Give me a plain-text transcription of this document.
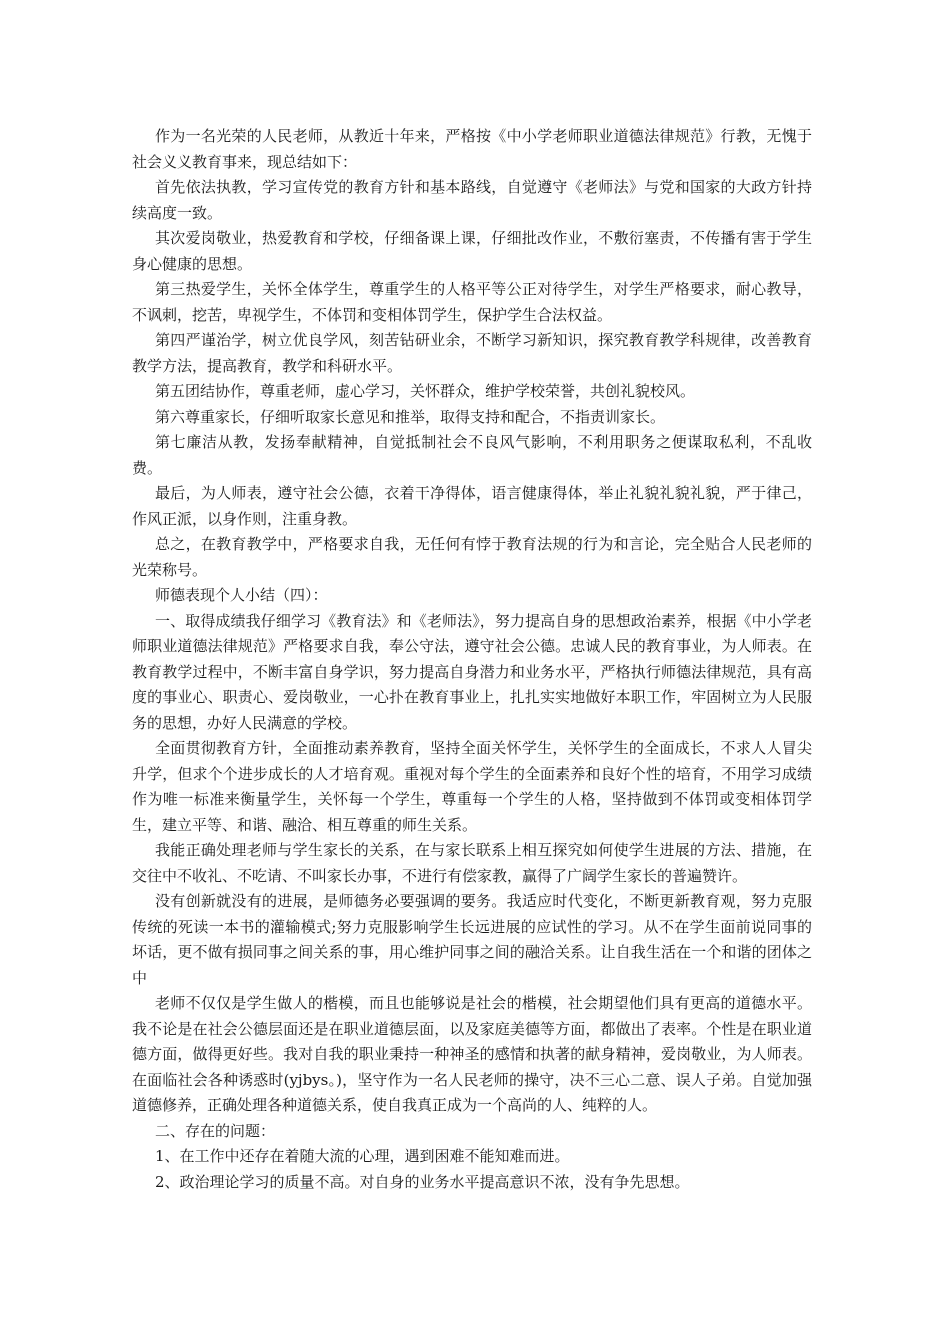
作为一名光荣的人民老师，从教近十年来，严格按《中小学老师职业道德法律规范》行教，无愧于社会义义教育事来，现总结如下：

首先依法执教，学习宣传党的教育方针和基本路线，自觉遵守《老师法》与党和国家的大政方针持续高度一致。

其次爱岗敬业，热爱教育和学校，仔细备课上课，仔细批改作业，不敷衍塞责，不传播有害于学生身心健康的思想。

第三热爱学生，关怀全体学生，尊重学生的人格平等公正对待学生，对学生严格要求，耐心教导，不讽刺，挖苦，卑视学生，不体罚和变相体罚学生，保护学生合法权益。

第四严谨治学，树立优良学风，刻苦钻研业余，不断学习新知识，探究教育教学科规律，改善教育教学方法，提高教育，教学和科研水平。

第五团结协作，尊重老师，虚心学习，关怀群众，维护学校荣誉，共创礼貌校风。

第六尊重家长，仔细听取家长意见和推举，取得支持和配合，不指责训家长。

第七廉洁从教，发扬奉献精神，自觉抵制社会不良风气影响，不利用职务之便谋取私利，不乱收费。

最后，为人师表，遵守社会公德，衣着干净得体，语言健康得体，举止礼貌礼貌礼貌，严于律己，作风正派，以身作则，注重身教。

总之，在教育教学中，严格要求自我，无任何有悖于教育法规的行为和言论，完全贴合人民老师的光荣称号。

师德表现个人小结（四）：

一、取得成绩我仔细学习《教育法》和《老师法》，努力提高自身的思想政治素养，根据《中小学老师职业道德法律规范》严格要求自我，奉公守法，遵守社会公德。忠诚人民的教育事业，为人师表。在教育教学过程中，不断丰富自身学识，努力提高自身潜力和业务水平，严格执行师德法律规范，具有高度的事业心、职责心、爱岗敬业，一心扑在教育事业上，扎扎实实地做好本职工作，牢固树立为人民服务的思想，办好人民满意的学校。

全面贯彻教育方针，全面推动素养教育，坚持全面关怀学生，关怀学生的全面成长，不求人人冒尖升学，但求个个进步成长的人才培育观。重视对每个学生的全面素养和良好个性的培育，不用学习成绩作为唯一标准来衡量学生，关怀每一个学生，尊重每一个学生的人格，坚持做到不体罚或变相体罚学生，建立平等、和谐、融洽、相互尊重的师生关系。

我能正确处理老师与学生家长的关系，在与家长联系上相互探究如何使学生进展的方法、措施，在交往中不收礼、不吃请、不叫家长办事，不进行有偿家教，赢得了广阔学生家长的普遍赞许。

没有创新就没有的进展，是师德务必要强调的要务。我适应时代变化，不断更新教育观，努力克服传统的死读一本书的灌输模式;努力克服影响学生长远进展的应试性的学习。从不在学生面前说同事的坏话，更不做有损同事之间关系的事，用心维护同事之间的融洽关系。让自我生活在一个和谐的团体之中

老师不仅仅是学生做人的楷模，而且也能够说是社会的楷模，社会期望他们具有更高的道德水平。我不论是在社会公德层面还是在职业道德层面，以及家庭美德等方面，都做出了表率。个性是在职业道德方面，做得更好些。我对自我的职业秉持一种神圣的感情和执著的献身精神，爱岗敬业，为人师表。在面临社会各种诱惑时(yjbys。)，坚守作为一名人民老师的操守，决不三心二意、误人子弟。自觉加强道德修养，正确处理各种道德关系，使自我真正成为一个高尚的人、纯粹的人。

二、存在的问题：

1、在工作中还存在着随大流的心理，遇到困难不能知难而进。

2、政治理论学习的质量不高。对自身的业务水平提高意识不浓，没有争先思想。
